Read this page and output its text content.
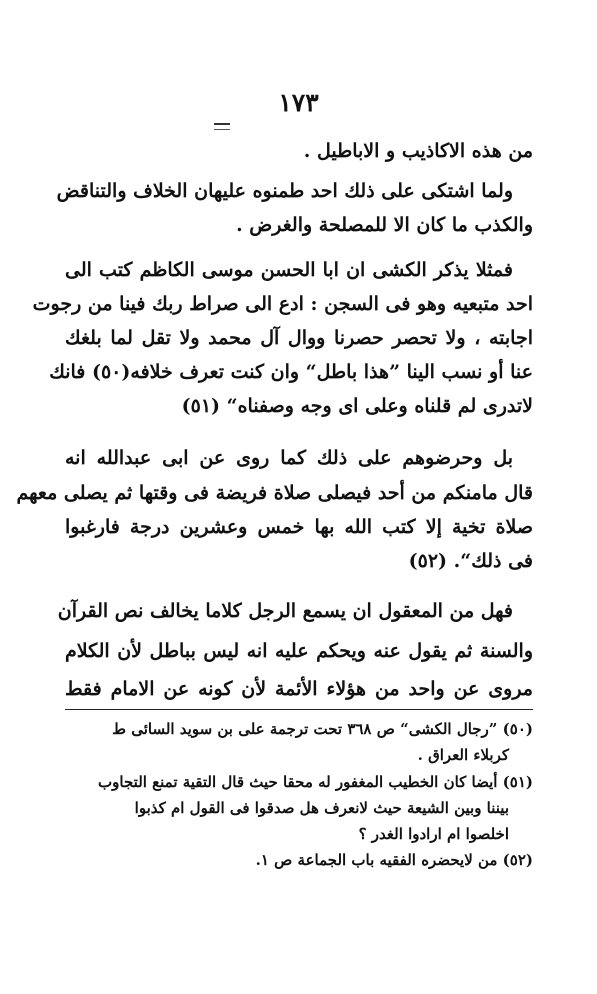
١٧٣
من هذه الاكاذيب و الاباطيل .
ولما اشتكى على ذلك احد طمنوه عليهان الخلاف والتناقض
والكذب ما كان الا للمصلحة والغرض .
فمثلا يذكر الكشى ان ابا الحسن موسى الكاظم كتب الى
احد متبعيه وهو فى السجن : ادع الى صراط ربك فينا من رجوت
اجابته ، ولا تحصر حصرنا ووال آل محمد ولا تقل لما بلغك
عنا أو نسب الينا ”هذا باطل“ وان كنت تعرف خلافه(٥٠) فانك
لاتدرى لم قلناه وعلى اى وجه وصفناه“ (٥١)
بل وحرضوهم على ذلك كما روى عن ابى عبدالله انه
قال مامنكم من أحد فيصلى صلاة فريضة فى وقتها ثم يصلى معهم
صلاة تخية إلا كتب الله بها خمس وعشرين درجة فارغبوا
فى ذلك“. (٥٢)
فهل من المعقول ان يسمع الرجل كلاما يخالف نص القرآن
والسنة ثم يقول عنه ويحكم عليه انه ليس بباطل لأن الكلام
مروى عن واحد من هؤلاء الأئمة لأن كونه عن الامام فقط
(٥٠) ”رجال الكشى“ ص ٣٦٨ تحت ترجمة على بن سويد السائى ط
كربلاء العراق .
(٥١) أيضا كان الخطيب المغفور له محقا حيث قال التقية تمنع التجاوب
بيننا وبين الشيعة حيث لانعرف هل صدقوا فى القول ام كذبوا
اخلصوا ام ارادوا الغدر ؟
(٥٢) من لايحضره الفقيه باب الجماعة ص ١.
